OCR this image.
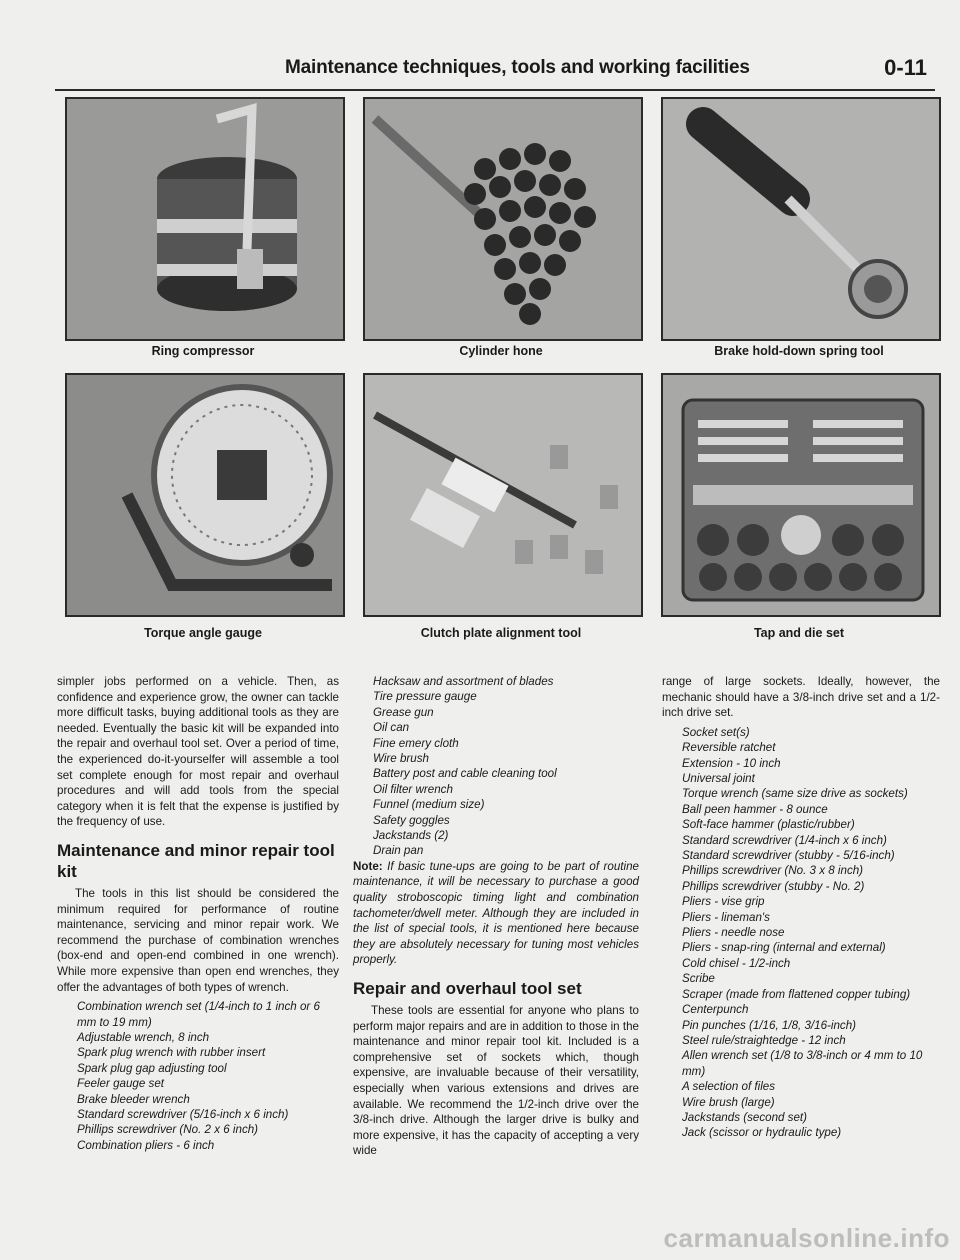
Maintenance techniques, tools and working facilities	0-11
Ring compressor	Cylinder hone	Brake hold-down spring tool
Torque angle gauge	Clutch plate alignment tool	Tap and die set

simpler jobs performed on a vehicle. Then, as confidence and experience grow, the owner can tackle more difficult tasks, buying additional tools as they are needed. Eventually the basic kit will be expanded into the repair and overhaul tool set. Over a period of time, the experienced do-it-yourselfer will assemble a tool set complete enough for most repair and overhaul procedures and will add tools from the special category when it is felt that the expense is justified by the frequency of use.

Maintenance and minor repair tool kit

The tools in this list should be considered the minimum required for performance of routine maintenance, servicing and minor repair work. We recommend the purchase of combination wrenches (box-end and open-end combined in one wrench). While more expensive than open end wrenches, they offer the advantages of both types of wrench.

Combination wrench set (1/4-inch to 1 inch or 6 mm to 19 mm)
Adjustable wrench, 8 inch
Spark plug wrench with rubber insert
Spark plug gap adjusting tool
Feeler gauge set
Brake bleeder wrench
Standard screwdriver (5/16-inch x 6 inch)
Phillips screwdriver (No. 2 x 6 inch)
Combination pliers - 6 inch
Hacksaw and assortment of blades
Tire pressure gauge
Grease gun
Oil can
Fine emery cloth
Wire brush
Battery post and cable cleaning tool
Oil filter wrench
Funnel (medium size)
Safety goggles
Jackstands (2)
Drain pan

Note: If basic tune-ups are going to be part of routine maintenance, it will be necessary to purchase a good quality stroboscopic timing light and combination tachometer/dwell meter. Although they are included in the list of special tools, it is mentioned here because they are absolutely necessary for tuning most vehicles properly.

Repair and overhaul tool set

These tools are essential for anyone who plans to perform major repairs and are in addition to those in the maintenance and minor repair tool kit. Included is a comprehensive set of sockets which, though expensive, are invaluable because of their versatility, especially when various extensions and drives are available. We recommend the 1/2-inch drive over the 3/8-inch drive. Although the larger drive is bulky and more expensive, it has the capacity of accepting a very wide

range of large sockets. Ideally, however, the mechanic should have a 3/8-inch drive set and a 1/2-inch drive set.

Socket set(s)
Reversible ratchet
Extension - 10 inch
Universal joint
Torque wrench (same size drive as sockets)
Ball peen hammer - 8 ounce
Soft-face hammer (plastic/rubber)
Standard screwdriver (1/4-inch x 6 inch)
Standard screwdriver (stubby - 5/16-inch)
Phillips screwdriver (No. 3 x 8 inch)
Phillips screwdriver (stubby - No. 2)
Pliers - vise grip
Pliers - lineman's
Pliers - needle nose
Pliers - snap-ring (internal and external)
Cold chisel - 1/2-inch
Scribe
Scraper (made from flattened copper tubing)
Centerpunch
Pin punches (1/16, 1/8, 3/16-inch)
Steel rule/straightedge - 12 inch
Allen wrench set (1/8 to 3/8-inch or 4 mm to 10 mm)
A selection of files
Wire brush (large)
Jackstands (second set)
Jack (scissor or hydraulic type)
carmanualsonline.info
